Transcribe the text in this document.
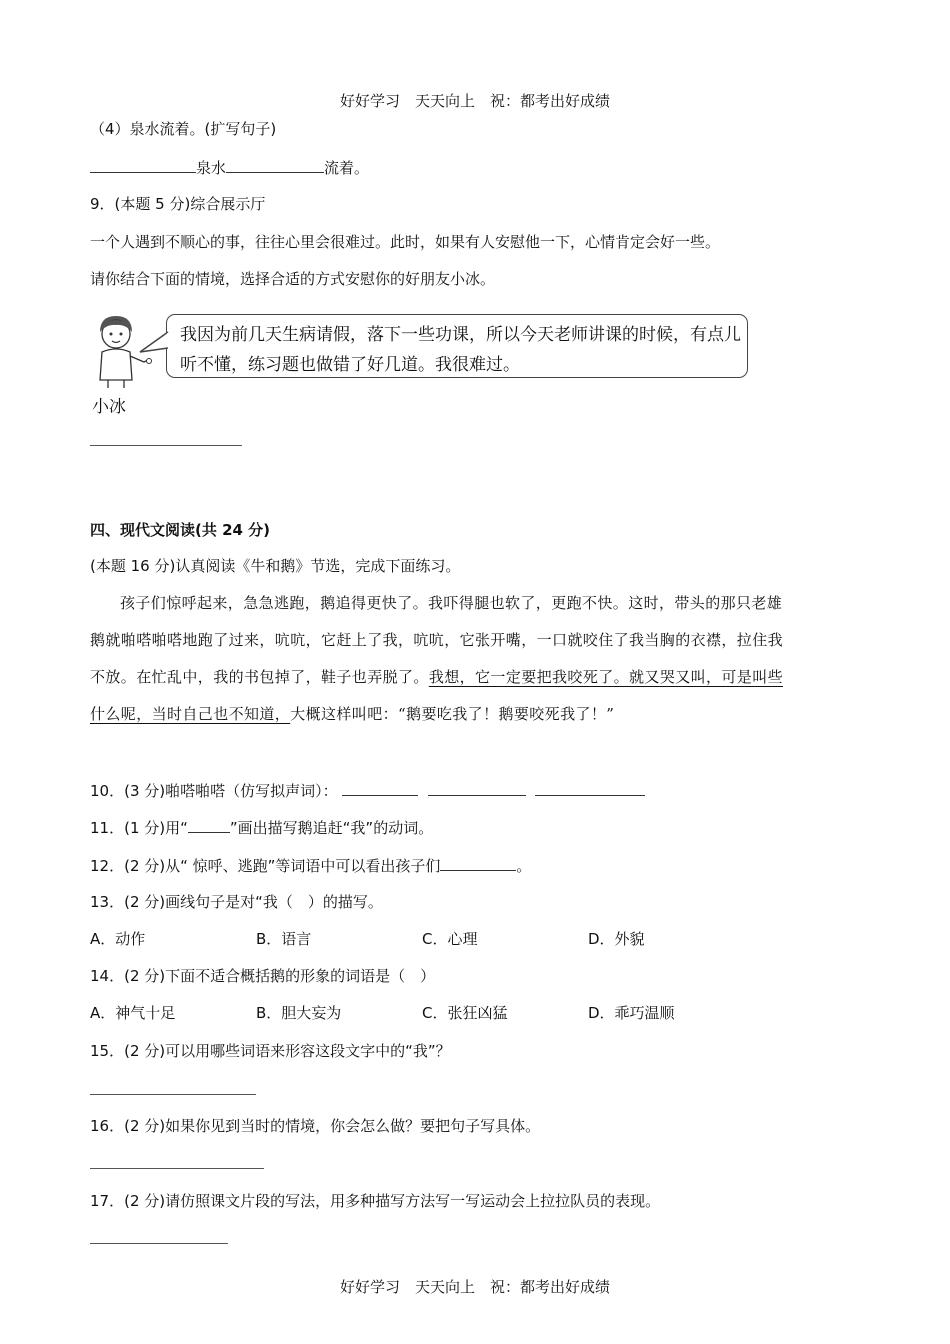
好好学习　天天向上　祝：都考出好成绩
（4）泉水流着。(扩写句子)
泉水	流着。
9．(本题 5 分)综合展示厅
一个人遇到不顺心的事，往往心里会很难过。此时，如果有人安慰他一下，心情肯定会好一些。
请你结合下面的情境，选择合适的方式安慰你的好朋友小冰。
我因为前几天生病请假，落下一些功课，所以今天老师讲课的时候，有点儿听不懂，练习题也做错了好几道。我很难过。
小冰
四、现代文阅读(共 24 分)
(本题 16 分)认真阅读《牛和鹅》节选，完成下面练习。
孩子们惊呼起来，急急逃跑，鹅追得更快了。我吓得腿也软了，更跑不快。这时，带头的那只老雄鹅就啪嗒啪嗒地跑了过来，吭吭，它赶上了我，吭吭，它张开嘴，一口就咬住了我当胸的衣襟，拉住我不放。在忙乱中，我的书包掉了，鞋子也弄脱了。我想，它一定要把我咬死了。就又哭又叫，可是叫些什么呢，当时自己也不知道，大概这样叫吧：“鹅要吃我了！鹅要咬死我了！”
10．(3 分)啪嗒啪嗒（仿写拟声词）：
11．(1 分)用“	”画出描写鹅追赶“我”的动词。
12．(2 分)从“ 惊呼、逃跑”等词语中可以看出孩子们	。
13．(2 分)画线句子是对“我（　）的描写。
A．动作	B．语言	C．心理	D．外貌
14．(2 分)下面不适合概括鹅的形象的词语是（　）
A．神气十足	B．胆大妄为	C．张狂凶猛	D．乖巧温顺
15．(2 分)可以用哪些词语来形容这段文字中的“我”？
16．(2 分)如果你见到当时的情境，你会怎么做？要把句子写具体。
17．(2 分)请仿照课文片段的写法，用多种描写方法写一写运动会上拉拉队员的表现。
好好学习　天天向上　祝：都考出好成绩
